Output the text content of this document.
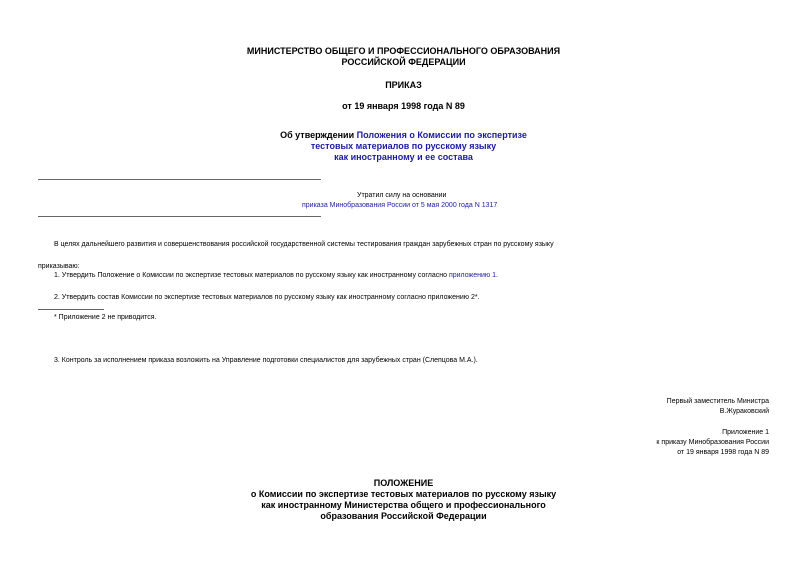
МИНИСТЕРСТВО ОБЩЕГО И ПРОФЕССИОНАЛЬНОГО ОБРАЗОВАНИЯ
РОССИЙСКОЙ ФЕДЕРАЦИИ
ПРИКАЗ
от 19 января 1998 года N 89
Об утверждении Положения о Комиссии по экспертизе
тестовых материалов по русскому языку
как иностранному и ее состава
Утратил силу на основании
приказа Минобразования России от 5 мая 2000 года N 1317
В целях дальнейшего развития и совершенствования российской государственной системы тестирования граждан зарубежных стран по русскому языку
приказываю:
1. Утвердить Положение о Комиссии по экспертизе тестовых материалов по русскому языку как иностранному согласно приложению 1.
2. Утвердить состав Комиссии по экспертизе тестовых материалов по русскому языку как иностранному согласно приложению 2*.
* Приложение 2 не приводится.
3. Контроль за исполнением приказа возложить на Управление подготовки специалистов для зарубежных стран (Слепцова М.А.).
Первый заместитель Министра
В.Жураковский
Приложение 1
к приказу Минобразования России
от 19 января 1998 года N 89
ПОЛОЖЕНИЕ
о Комиссии по экспертизе тестовых материалов по русскому языку
как иностранному Министерства общего и профессионального
образования Российской Федерации
